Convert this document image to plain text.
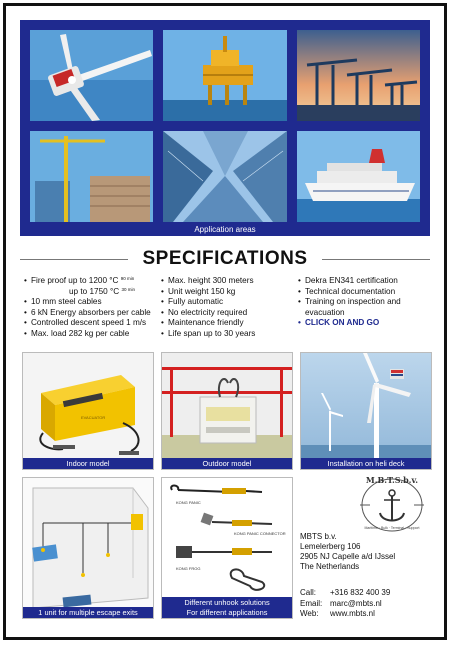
Application areas
SPECIFICATIONS
• Fire proof up to 1200 °C $^{90 min}$
up to 1750 °C $^{30 min}$
• 10 mm steel cables
• 6 kN Energy absorbers per cable
• Controlled descent speed 1 m/s
• Max. load 282 kg per cable
• Max. height 300 meters
• Unit weight 150 kg
• Fully automatic
• No electricity required
• Maintenance friendly
• Life span up to 30 years
• Dekra EN341 certification
• Technical documentation
• Training on inspection and
evacuation
• CLICK ON AND GO
EVACUATOR
Indoor model	Outdoor model	Installation on heli deck
1 unit for multiple escape exits
KONG PANIC
KONG PANIC CONNECTOR
KONG FROG
Different unhook solutions
For different applications
M.B.T.S.b.v.
Maritime · Bulk · Terminal · Support
MBTS b.v.
Lemelerberg 106
2905 NJ Capelle a/d IJssel
The Netherlands
Call: +316 832 400 39
Email: marc@mbts.nl
Web: www.mbts.nl
